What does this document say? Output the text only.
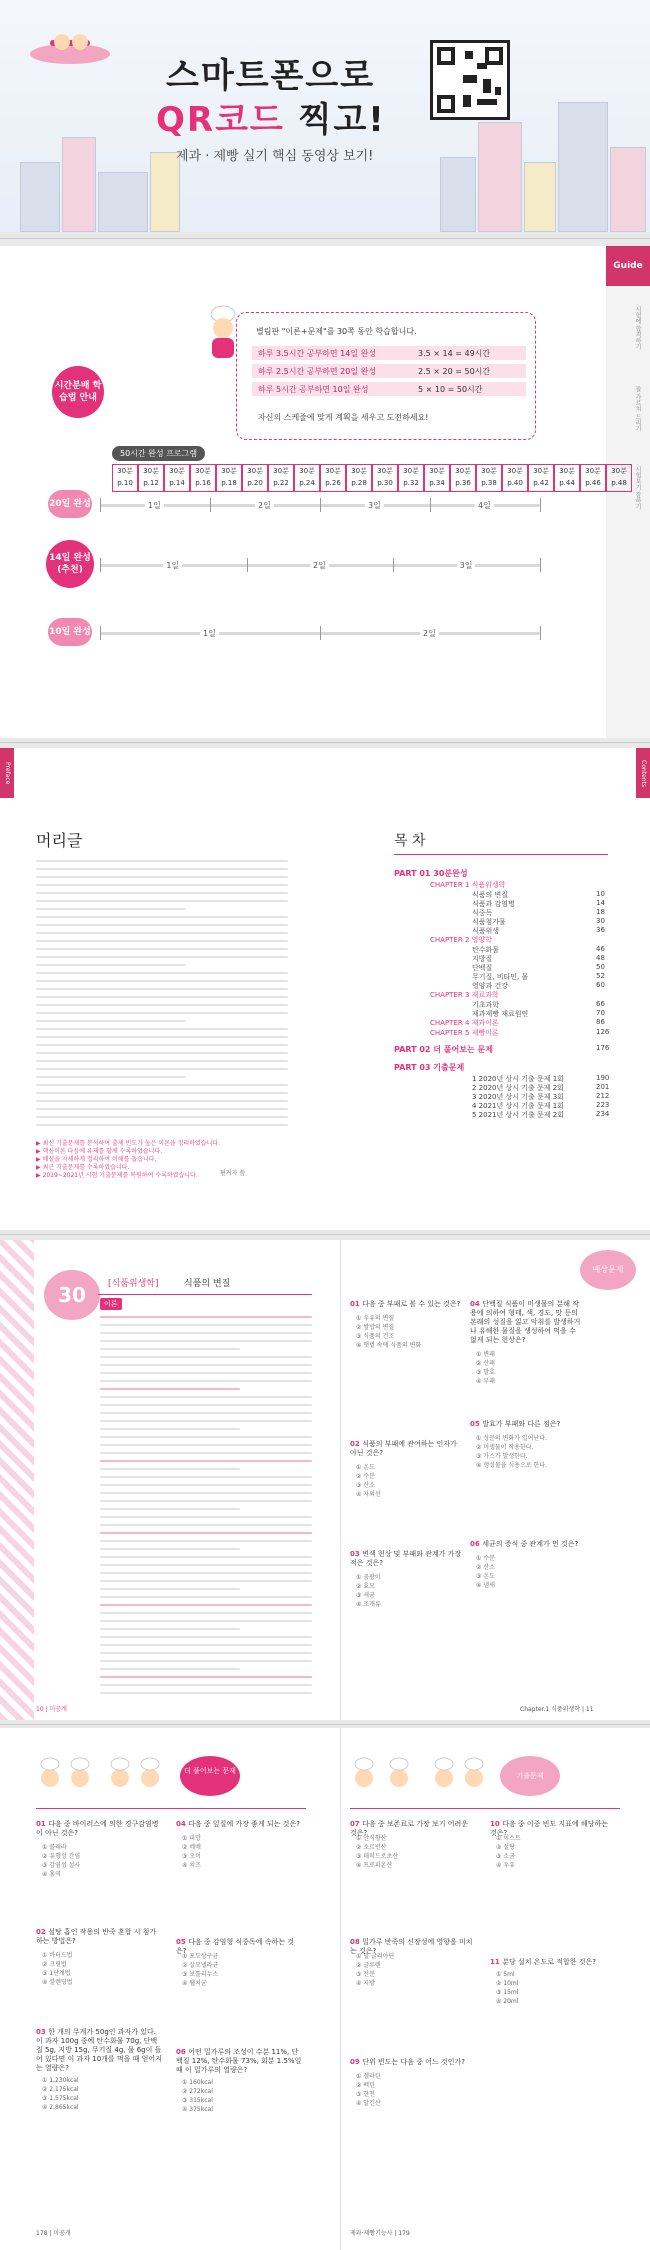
스마트폰으로
QR코드 찍고!
제과 · 제빵 실기 핵심 동영상 보기!
Guide
시험에 합격하기
잘 가르쳐 드리기
시험보기 잘하기
시간분배 학습법 안내
별림판 "이론+문제"를 30쪽 동안 학습합니다.
하루 3.5시간 공부하면 14일 완성	3.5 × 14 = 49시간
하루 2.5시간 공부하면 20일 완성	2.5 × 20 = 50시간
하루 5시간 공부하면 10일 완성	5 × 10 = 50시간
자신의 스케줄에 맞게 계획을 세우고 도전하세요!
50시간 완성 프로그램
30분
p.10
30분
p.12
30분
p.14
30분
p.16
30분
p.18
30분
p.20
30분
p.22
30분
p.24
30분
p.26
30분
p.28
30분
p.30
30분
p.32
30분
p.34
30분
p.36
30분
p.38
30분
p.40
30분
p.42
30분
p.44
30분
p.46
30분
p.48
20일 완성
14일 완성 (추천)
10일 완성
1일	2일	3일	4일
1일	2일	3일
1일	2일
Preface	Contents
머리글
▶ 최신 기출문제를 분석하여 출제 빈도가 높은 이론을 정리하였습니다.
▶ 핵심이론 다음에 유제를 함께 수록하였습니다.
▶ 해설을 자세하게 정리하여 이해를 돕습니다.
▶ 최근 기출문제를 수록하였습니다.
▶ 2019~2021년 시험 기출문제를 복원하여 수록하였습니다.	편저자 씀
목 차
PART 01 30분완성
CHAPTER 1 식품위생학
식품의 변질	10
식품과 감염병	14
식중독	18
식품첨가물	30
식품위생	36
CHAPTER 2 영양학
탄수화물	46
지방질	48
단백질	50
무기질, 비타민, 물	52
영양과 건강	60
CHAPTER 3 재료과학
기초과학	66
제과제빵 재료원연	70
CHAPTER 4 제과이론	86
CHAPTER 5 제빵이론	126
PART 02 더 풀어보는 문제	176
PART 03 기출문제
1 2020년 상시 기출 문제 1회	190
2 2020년 상시 기출 문제 2회	201
3 2020년 상시 기출 문제 3회	212
4 2021년 상시 기출 문제 1회	223
5 2021년 상시 기출 문제 2회	234
30	[식품위생학]	식품의 변질
이론
10 | 미공개
예상문제
01 다음 중 부패로 볼 수 있는 것은?
① 우유의 변질
② 쌀밥의 변질
③ 식품의 건조
④ 햇볕 속에 식품의 변화
02 식품의 부패에 관여하는 인자가 아닌 것은?
① 온도
② 수분
③ 산소
④ 자외선
03 변색 현상 및 부패와 관계가 가장 적은 것은?
① 곰팡이
② 효모
③ 세균
④ 조개류
04 단백질 식품이 미생물의 분해 작용에 의하여 형태, 색, 경도, 맛 등의 본래의 성질을 잃고 악취를 발생하거나 유해한 물질을 생성하여 먹을 수 없게 되는 현상은?
① 변패
② 산패
③ 발효
④ 부패
05 발효가 부패와 다른 점은?
① 성분의 변화가 일어난다.
② 미생물이 작용한다.
③ 가스가 발생한다.
④ 생성물을 식용으로 한다.
06 세균의 증식 중 관계가 먼 것은?
① 수분
② 산소
③ 온도
④ 냄새
Chapter.1 식품위생학 | 11
더 풀어보는 문제
기출문제
01 다음 중 바이러스에 의한 경구감염병이 아닌 것은?
① 콜레라
② 유행성 간염
③ 감염성 설사
④ 홍역
02 설탕 흡인 작용의 반죽 혼합 시 첨가하는 방법은?
① 바터드법
② 크림법
③ 1단계법
④ 블렌딩법
03 한 개의 무게가 50g인 과자가 있다. 이 과자 100g 중에 탄수화물 70g, 단백질 5g, 지방 15g, 무기질 4g, 물 6g이 들어 있다면 이 과자 10개를 먹을 때 얻어지는 열량은?
① 1,230kcal
② 2,175kcal
③ 1,575kcal
④ 2,865kcal
04 다음 중 잎질에 가장 좋게 되는 것은?
① 피망
② 메메
③ 오이
④ 치즈
05 다음 중 감염형 식중독에 속하는 것은?
① 포도상구균
② 살모넬라균
③ 보툴리누스
④ 웰치균
06 어떤 밀가루의 조성이 수분 11%, 단백질 12%, 탄수화물 73%, 회분 1.5%일 때 이 밀가루의 열량은?
① 160kcal
② 272kcal
③ 315kcal
④ 375kcal
07 다음 중 보존료로 가장 보기 어려운 것은?
① 안식향산
② 소르빈산
③ 데히드로초산
④ 프로피온산
08 밀가루 반죽의 신장성에 영향을 미치는 것은?
① 밀 글리아딘
② 글루텐
③ 전분
④ 지방
09 단위 빈도는 다음 중 어느 것인가?
① 젤라틴
② 펙틴
③ 한천
④ 알긴산
10 다음 중 이중 빈도 지표에 해당하는 것은?
① 이스트
② 설탕
③ 소금
④ 우유
11 분당 설치 온도로 적합한 것은?
① 5ml
② 10ml
③ 15ml
④ 20ml
178 | 미공개	제과·제빵기능사 | 179
